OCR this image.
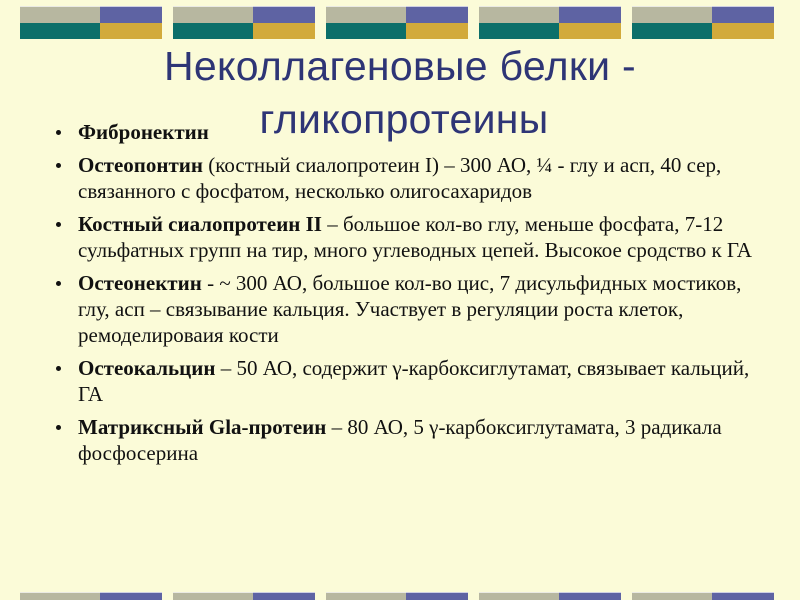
Неколлагеновые белки -
гликопротеины
Фибронектин
Остеопонтин (костный сиалопротеин I) – 300 АО, ¼ - глу и асп, 40 сер, связанного с фосфатом, несколько олигосахаридов
Костный сиалопротеин II – большое кол-во глу, меньше фосфата, 7-12 сульфатных групп на тир, много углеводных цепей. Высокое сродство к ГА
Остеонектин - ~ 300 АО, большое кол-во цис, 7 дисульфидных мостиков, глу, асп – связывание кальция. Участвует в регуляции роста клеток, ремоделироваия кости
Остеокальцин – 50 АО, содержит γ-карбоксиглутамат, связывает кальций, ГА
Матриксный Gla-протеин – 80 АО, 5 γ-карбоксиглутамата, 3 радикала фосфосерина
